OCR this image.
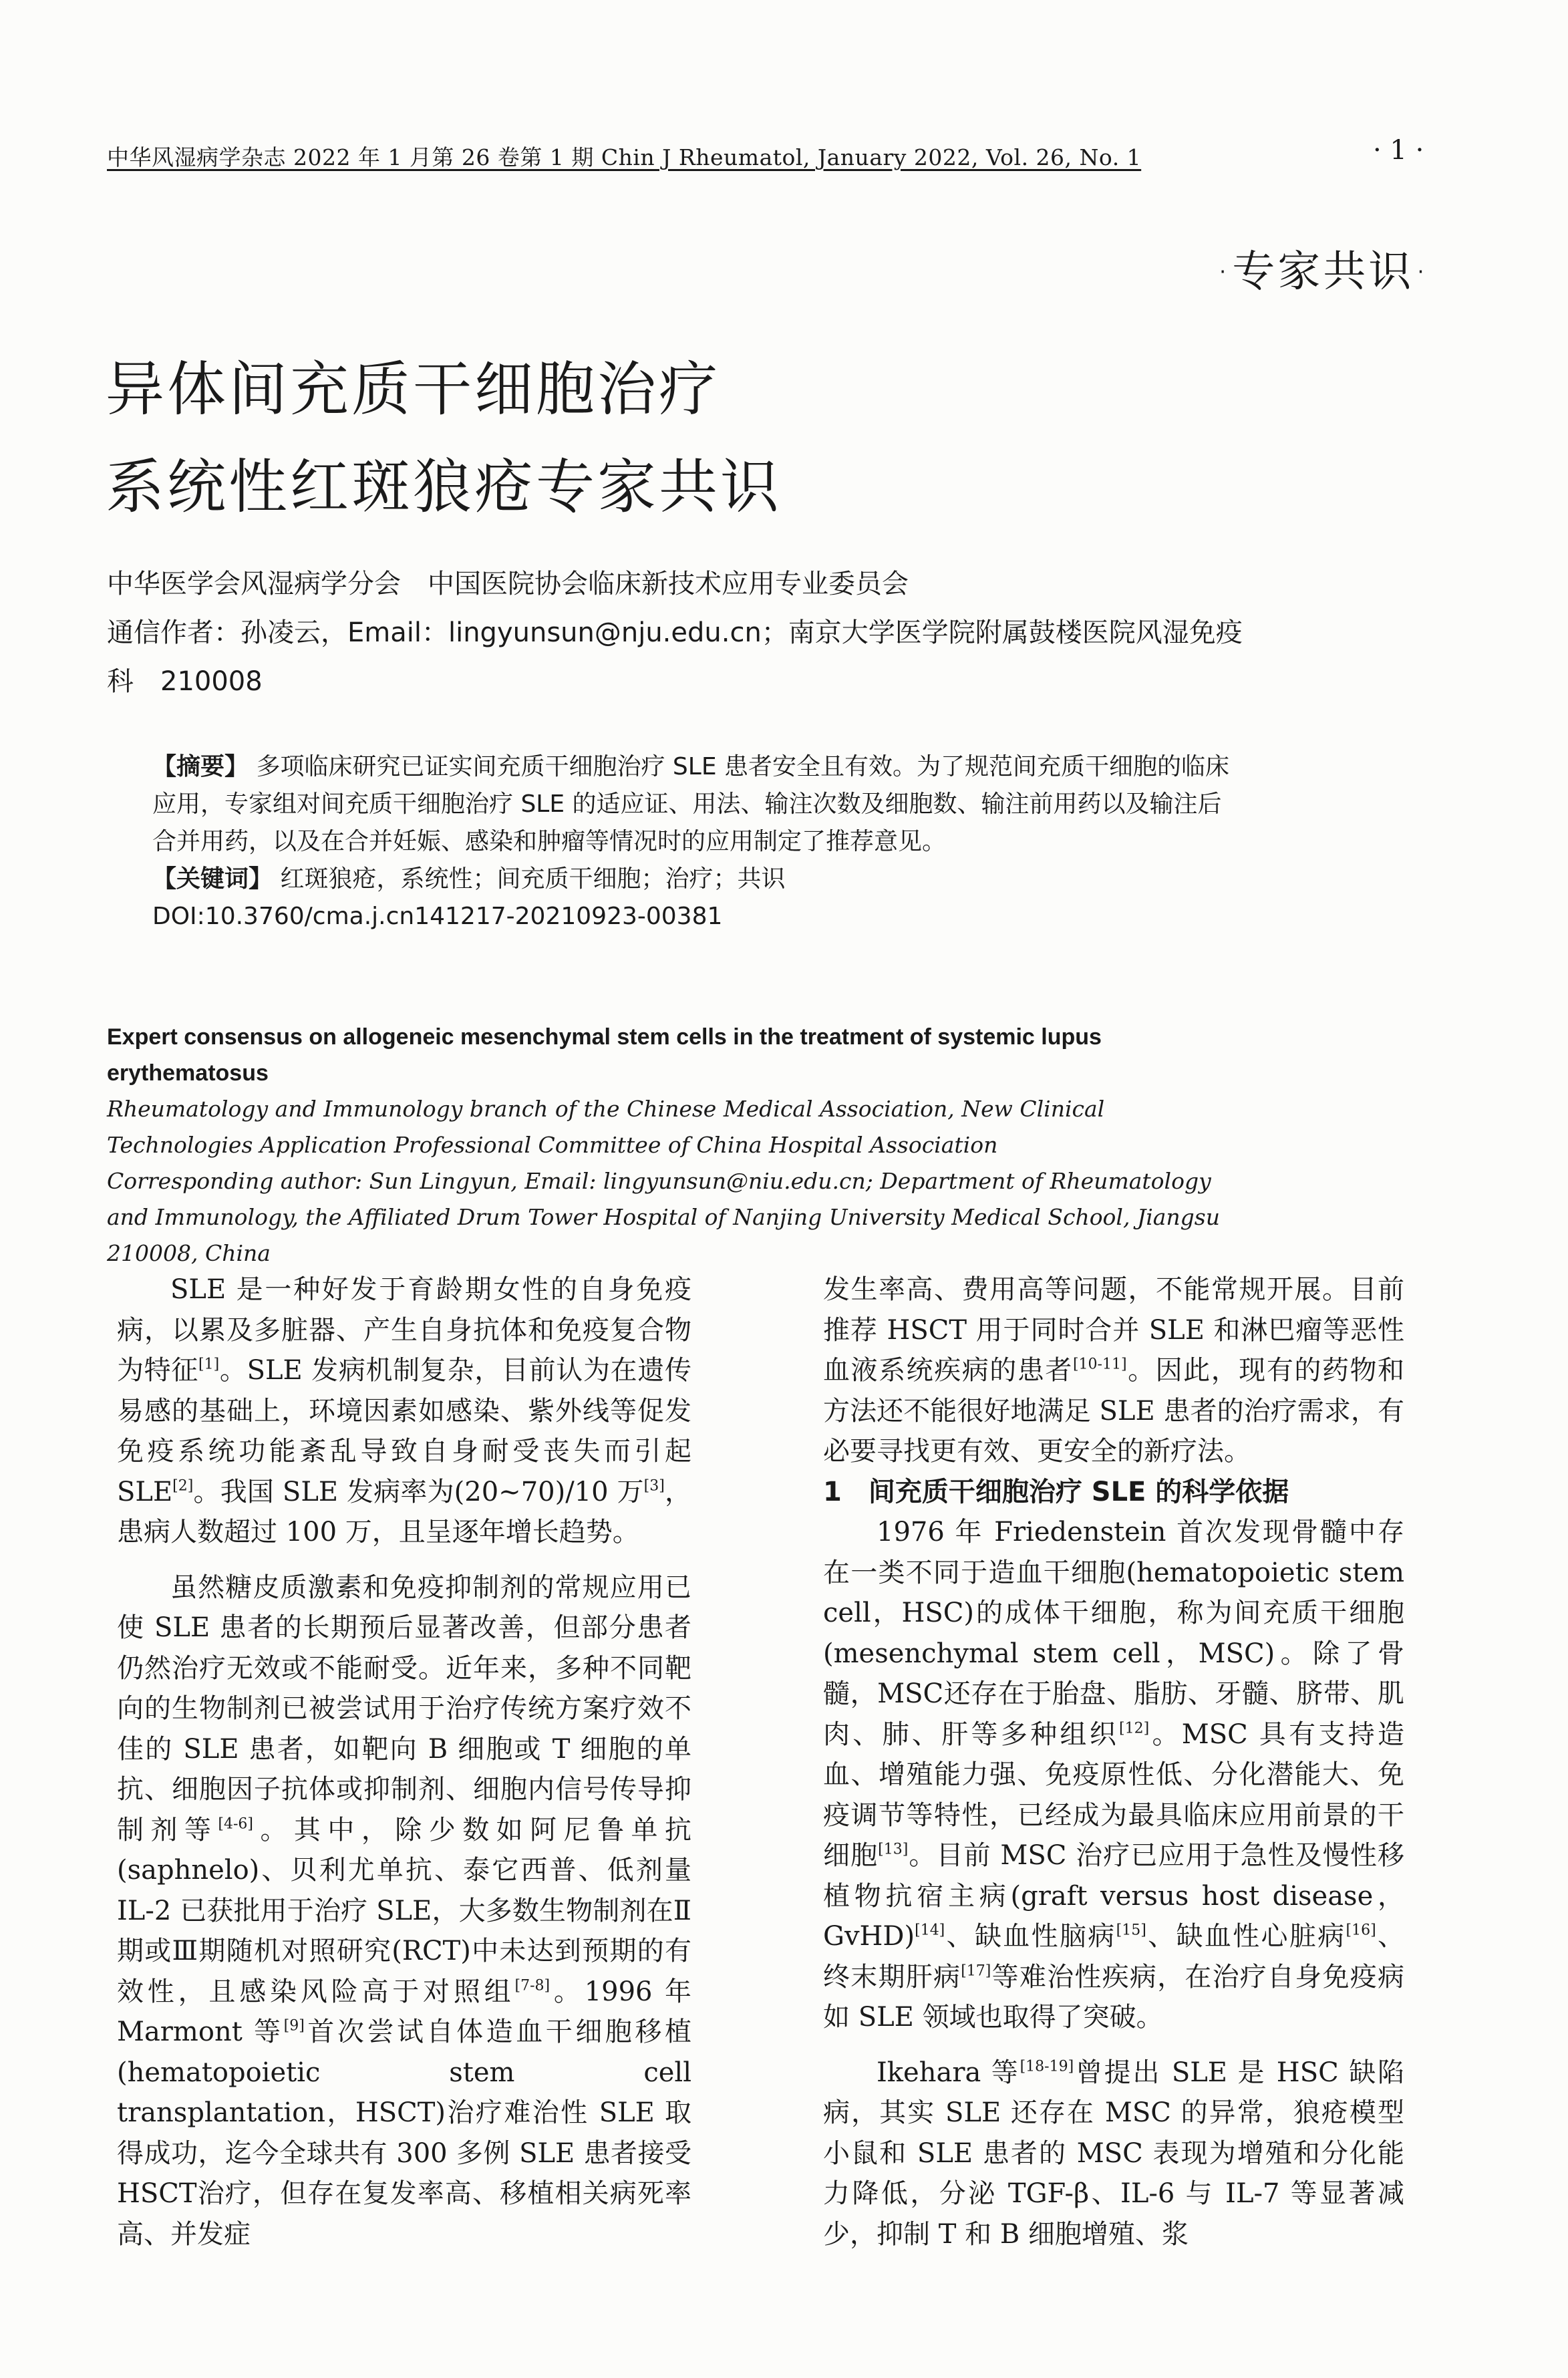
中华风湿病学杂志 2022 年 1 月第 26 卷第 1 期 Chin J Rheumatol, January 2022, Vol. 26, No. 1	· 1 ·
·专家共识·
异体间充质干细胞治疗
系统性红斑狼疮专家共识
中华医学会风湿病学分会　中国医院协会临床新技术应用专业委员会
通信作者：孙凌云，Email：lingyunsun@nju.edu.cn；南京大学医学院附属鼓楼医院风湿免疫
科　210008

【摘要】 多项临床研究已证实间充质干细胞治疗 SLE 患者安全且有效。为了规范间充质干细胞的临床应用，专家组对间充质干细胞治疗 SLE 的适应证、用法、输注次数及细胞数、输注前用药以及输注后合并用药，以及在合并妊娠、感染和肿瘤等情况时的应用制定了推荐意见。

【关键词】 红斑狼疮，系统性；间充质干细胞；治疗；共识

DOI:10.3760/cma.j.cn141217-20210923-00381

Expert consensus on allogeneic mesenchymal stem cells in the treatment of systemic lupus erythematosus
Rheumatology and Immunology branch of the Chinese Medical Association, New Clinical Technologies Application Professional Committee of China Hospital Association
Corresponding author: Sun Lingyun, Email: lingyunsun@niu.edu.cn; Department of Rheumatology and Immunology, the Affiliated Drum Tower Hospital of Nanjing University Medical School, Jiangsu 210008, China

SLE 是一种好发于育龄期女性的自身免疫病，以累及多脏器、产生自身抗体和免疫复合物为特征[1]。SLE 发病机制复杂，目前认为在遗传易感的基础上，环境因素如感染、紫外线等促发免疫系统功能紊乱导致自身耐受丧失而引起 SLE[2]。我国 SLE 发病率为(20~70)/10 万[3]，患病人数超过 100 万，且呈逐年增长趋势。

虽然糖皮质激素和免疫抑制剂的常规应用已使 SLE 患者的长期预后显著改善，但部分患者仍然治疗无效或不能耐受。近年来，多种不同靶向的生物制剂已被尝试用于治疗传统方案疗效不佳的 SLE 患者，如靶向 B 细胞或 T 细胞的单抗、细胞因子抗体或抑制剂、细胞内信号传导抑制剂等[4-6]。其中，除少数如阿尼鲁单抗(saphnelo)、贝利尤单抗、泰它西普、低剂量 IL-2 已获批用于治疗 SLE，大多数生物制剂在Ⅱ期或Ⅲ期随机对照研究(RCT)中未达到预期的有效性，且感染风险高于对照组[7-8]。1996 年 Marmont 等[9]首次尝试自体造血干细胞移植(hematopoietic stem cell transplantation，HSCT)治疗难治性 SLE 取得成功，迄今全球共有 300 多例 SLE 患者接受HSCT治疗，但存在复发率高、移植相关病死率高、并发症

发生率高、费用高等问题，不能常规开展。目前推荐 HSCT 用于同时合并 SLE 和淋巴瘤等恶性血液系统疾病的患者[10-11]。因此，现有的药物和方法还不能很好地满足 SLE 患者的治疗需求，有必要寻找更有效、更安全的新疗法。

1　间充质干细胞治疗 SLE 的科学依据

1976 年 Friedenstein 首次发现骨髓中存在一类不同于造血干细胞(hematopoietic stem cell，HSC)的成体干细胞，称为间充质干细胞(mesenchymal stem cell，MSC)。除了骨髓，MSC还存在于胎盘、脂肪、牙髓、脐带、肌肉、肺、肝等多种组织[12]。MSC 具有支持造血、增殖能力强、免疫原性低、分化潜能大、免疫调节等特性，已经成为最具临床应用前景的干细胞[13]。目前 MSC 治疗已应用于急性及慢性移植物抗宿主病(graft versus host disease，GvHD)[14]、缺血性脑病[15]、缺血性心脏病[16]、终末期肝病[17]等难治性疾病，在治疗自身免疫病如 SLE 领域也取得了突破。

Ikehara 等[18-19]曾提出 SLE 是 HSC 缺陷病，其实 SLE 还存在 MSC 的异常，狼疮模型小鼠和 SLE 患者的 MSC 表现为增殖和分化能力降低，分泌 TGF-β、IL-6 与 IL-7 等显著减少，抑制 T 和 B 细胞增殖、浆
